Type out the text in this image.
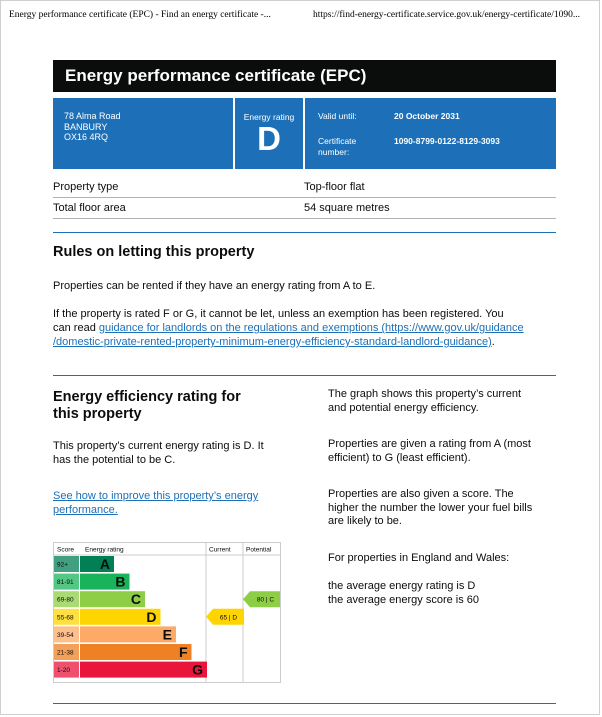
Energy performance certificate (EPC) - Find an energy certificate -...	https://find-energy-certificate.service.gov.uk/energy-certificate/1090...
Energy performance certificate (EPC)
78 Alma Road
BANBURY
OX16 4RQ
Energy rating
D
Valid until:	20 October 2031
Certificate number:
1090-8799-0122-8129-3093
Property type	Top-floor flat
Total floor area	54 square metres
Rules on letting this property
Properties can be rented if they have an energy rating from A to E.
If the property is rated F or G, it cannot be let, unless an exemption has been registered. You
can read guidance for landlords on the regulations and exemptions (https://www.gov.uk/guidance
/domestic-private-rented-property-minimum-energy-efficiency-standard-landlord-guidance).
Energy efficiency rating for
this property
This property’s current energy rating is D. It
has the potential to be C.
See how to improve this property’s energy
performance.
The graph shows this property’s current
and potential energy efficiency.
Properties are given a rating from A (most
efficient) to G (least efficient).
Properties are also given a score. The
higher the number the lower your fuel bills
are likely to be.
For properties in England and Wales:
the average energy rating is D
the average energy score is 60
Score Energy rating	Current Potential
92+ A
81-91	B
69-80	C
55-68	D
39-54	E
21-38	F
1-20	G
65 | D
80 | C
